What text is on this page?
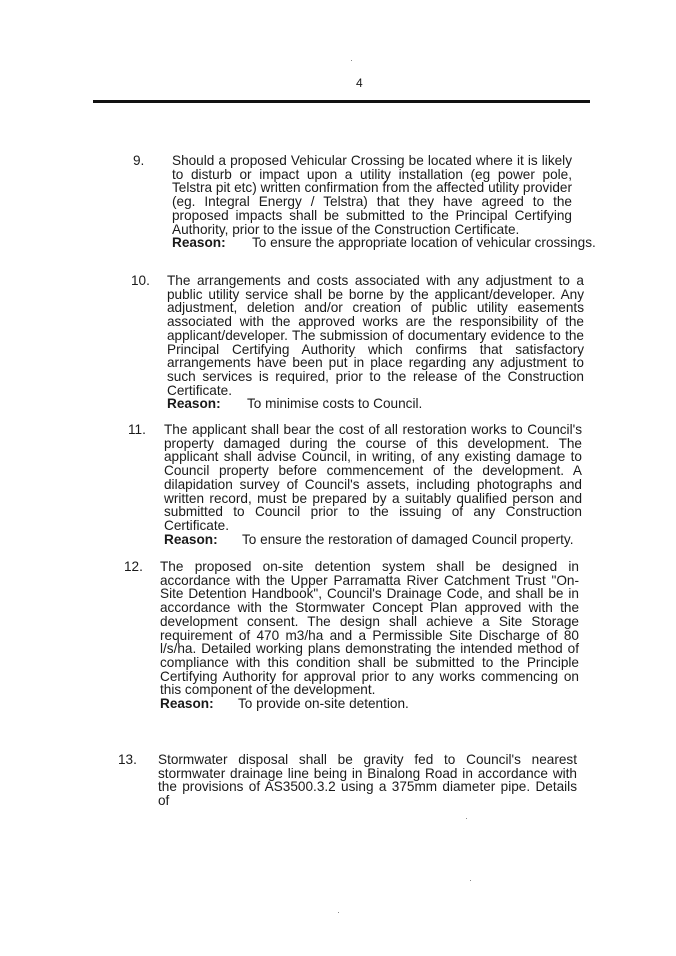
4
9. Should a proposed Vehicular Crossing be located where it is likely to disturb or impact upon a utility installation (eg power pole, Telstra pit etc) written confirmation from the affected utility provider (eg. Integral Energy / Telstra) that they have agreed to the proposed impacts shall be submitted to the Principal Certifying Authority, prior to the issue of the Construction Certificate.
Reason: To ensure the appropriate location of vehicular crossings.
10. The arrangements and costs associated with any adjustment to a public utility service shall be borne by the applicant/developer. Any adjustment, deletion and/or creation of public utility easements associated with the approved works are the responsibility of the applicant/developer. The submission of documentary evidence to the Principal Certifying Authority which confirms that satisfactory arrangements have been put in place regarding any adjustment to such services is required, prior to the release of the Construction Certificate.
Reason: To minimise costs to Council.
11. The applicant shall bear the cost of all restoration works to Council's property damaged during the course of this development. The applicant shall advise Council, in writing, of any existing damage to Council property before commencement of the development. A dilapidation survey of Council's assets, including photographs and written record, must be prepared by a suitably qualified person and submitted to Council prior to the issuing of any Construction Certificate.
Reason: To ensure the restoration of damaged Council property.
12. The proposed on-site detention system shall be designed in accordance with the Upper Parramatta River Catchment Trust "On-Site Detention Handbook", Council's Drainage Code, and shall be in accordance with the Stormwater Concept Plan approved with the development consent. The design shall achieve a Site Storage requirement of 470 m3/ha and a Permissible Site Discharge of 80 l/s/ha. Detailed working plans demonstrating the intended method of compliance with this condition shall be submitted to the Principle Certifying Authority for approval prior to any works commencing on this component of the development.
Reason: To provide on-site detention.
13. Stormwater disposal shall be gravity fed to Council's nearest stormwater drainage line being in Binalong Road in accordance with the provisions of AS3500.3.2 using a 375mm diameter pipe. Details of
